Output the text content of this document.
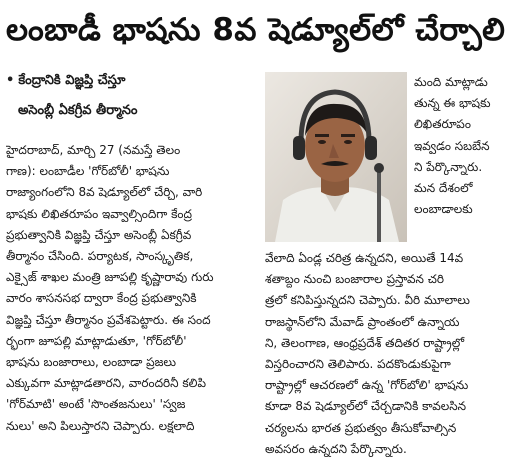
లంబాడీ భాషను 8వ షెడ్యూల్‌లో చేర్చాలి
• కేంద్రానికి విజ్ఞప్తి చేస్తూ
అసెంబ్లీ ఏకగ్రీవ తీర్మానం

హైదరాబాద్, మార్చి 27 (నమస్తే తెలం

గాణ): లంబాడీల 'గోర్‌బోలీ' భాషను

రాజ్యాంగంలోని 8వ షెడ్యూల్‌లో చేర్చి, వారి

భాషకు లిఖితరూపం ఇవ్వాల్సిందిగా కేంద్ర

ప్రభుత్వానికి విజ్ఞప్తి చేస్తూ అసెంబ్లీ ఏకగ్రీవ

తీర్మానం చేసింది. పర్యాటక, సాంస్కృతిక,

ఎక్సైజ్ శాఖల మంత్రి జూపల్లి కృష్ణారావు గురు

వారం శాసనసభ ద్వారా కేంద్ర ప్రభుత్వానికి

విజ్ఞప్తి చేస్తూ తీర్మానం ప్రవేశపెట్టారు. ఈ సంద

ర్భంగా జూపల్లి మాట్లాడుతూ, 'గోర్‌బోలీ'

భాషను బంజారాలు, లంబాడా ప్రజలు

ఎక్కువగా మాట్లాడతారని, వారందరినీ కలిపి

'గోర్‌మాటి' అంటే 'సొంతజనులు' 'స్వజ

నులు' అని పిలుస్తారని చెప్పారు. లక్షలాది

మంది మాట్లాడు

తున్న ఈ భాషకు

లిఖితరూపం

ఇవ్వడం సబబేన

ని పేర్కొన్నారు.

మన దేశంలో

లంబాడాలకు

వేలాది ఏండ్ల చరిత్ర ఉన్నదని, అయితే 14వ

శతాబ్దం నుంచి బంజారాల ప్రస్తావన చరి

త్రలో కనిపిస్తున్నదని చెప్పారు. వీరి మూలాలు

రాజస్థాన్‌లోని మేవాడ్ ప్రాంతంలో ఉన్నాయ

ని, తెలంగాణ, ఆంధ్రప్రదేశ్ తదితర రాష్ట్రాల్లో

విస్తరించారని తెలిపారు. పదకొండుకుపైగా

రాష్ట్రాల్లో ఆచరణలో ఉన్న 'గోర్‌బోలి' భాషను

కూడా 8వ షెడ్యూల్‌లో చేర్చడానికి కావలసిన

చర్యలను భారత ప్రభుత్వం తీసుకోవాల్సిన

అవసరం ఉన్నదని పేర్కొన్నారు.
